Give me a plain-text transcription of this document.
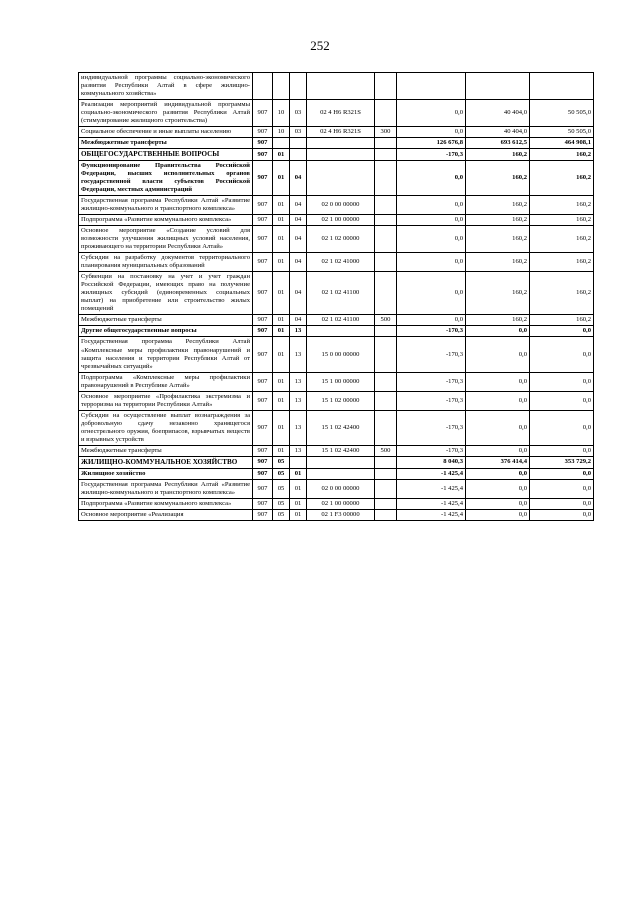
252
индивидуальной программы социально-экономического развития Республики Алтай в сфере жилищно-коммунального хозяйства»								
Реализация мероприятий индивидуальной программы социально-экономического развития Республики Алтай (стимулирование жилищного строительства)	907	10	03	02 4 Н6 R321S		0,0	40 404,0	50 505,0
Социальное обеспечение и иные выплаты населению	907	10	03	02 4 Н6 R321S	300	0,0	40 404,0	50 505,0
Межбюджетные трансферты	907					126 676,8	693 612,5	464 908,1
ОБЩЕГОСУДАРСТВЕННЫЕ ВОПРОСЫ	907	01				-170,3	160,2	160,2
Функционирование Правительства Российской Федерации, высших исполнительных органов государственной власти субъектов Российской Федерации, местных администраций	907	01	04			0,0	160,2	160,2
Государственная программа Республики Алтай «Развитие жилищно-коммунального и транспортного комплекса»	907	01	04	02 0 00 00000		0,0	160,2	160,2
Подпрограмма «Развитие коммунального комплекса»	907	01	04	02 1 00 00000		0,0	160,2	160,2
Основное мероприятие «Создание условий для возможности улучшения жилищных условий населения, проживающего на территории Республики Алтай»	907	01	04	02 1 02 00000		0,0	160,2	160,2
Субсидии на разработку документов территориального планирования муниципальных образований	907	01	04	02 1 02 41000		0,0	160,2	160,2
Субвенции на постановку на учет и учет граждан Российской Федерации, имеющих право на получение жилищных субсидий (единовременных социальных выплат) на приобретение или строительство жилых помещений	907	01	04	02 1 02 41100		0,0	160,2	160,2
Межбюджетные трансферты	907	01	04	02 1 02 41100	500	0,0	160,2	160,2
Другие общегосударственные вопросы	907	01	13			-170,3	0,0	0,0
Государственная программа Республики Алтай «Комплексные меры профилактики правонарушений и защита населения и территории Республики Алтай от чрезвычайных ситуаций»	907	01	13	15 0 00 00000		-170,3	0,0	0,0
Подпрограмма «Комплексные меры профилактики правонарушений в Республике Алтай»	907	01	13	15 1 00 00000		-170,3	0,0	0,0
Основное мероприятие «Профилактика экстремизма и терроризма на территории Республики Алтай»	907	01	13	15 1 02 00000		-170,3	0,0	0,0
Субсидии на осуществление выплат вознаграждения за добровольную сдачу незаконно хранящегося огнестрельного оружия, боеприпасов, взрывчатых веществ и взрывных устройств	907	01	13	15 1 02 42400		-170,3	0,0	0,0
Межбюджетные трансферты	907	01	13	15 1 02 42400	500	-170,3	0,0	0,0
ЖИЛИЩНО-КОММУНАЛЬНОЕ ХОЗЯЙСТВО	907	05				8 040,3	376 414,4	353 729,2
Жилищное хозяйство	907	05	01			-1 425,4	0,0	0,0
Государственная программа Республики Алтай «Развитие жилищно-коммунального и транспортного комплекса»	907	05	01	02 0 00 00000		-1 425,4	0,0	0,0
Подпрограмма «Развитие коммунального комплекса»	907	05	01	02 1 00 00000		-1 425,4	0,0	0,0
Основное мероприятие «Реализация	907	05	01	02 1 F3 00000		-1 425,4	0,0	0,0
